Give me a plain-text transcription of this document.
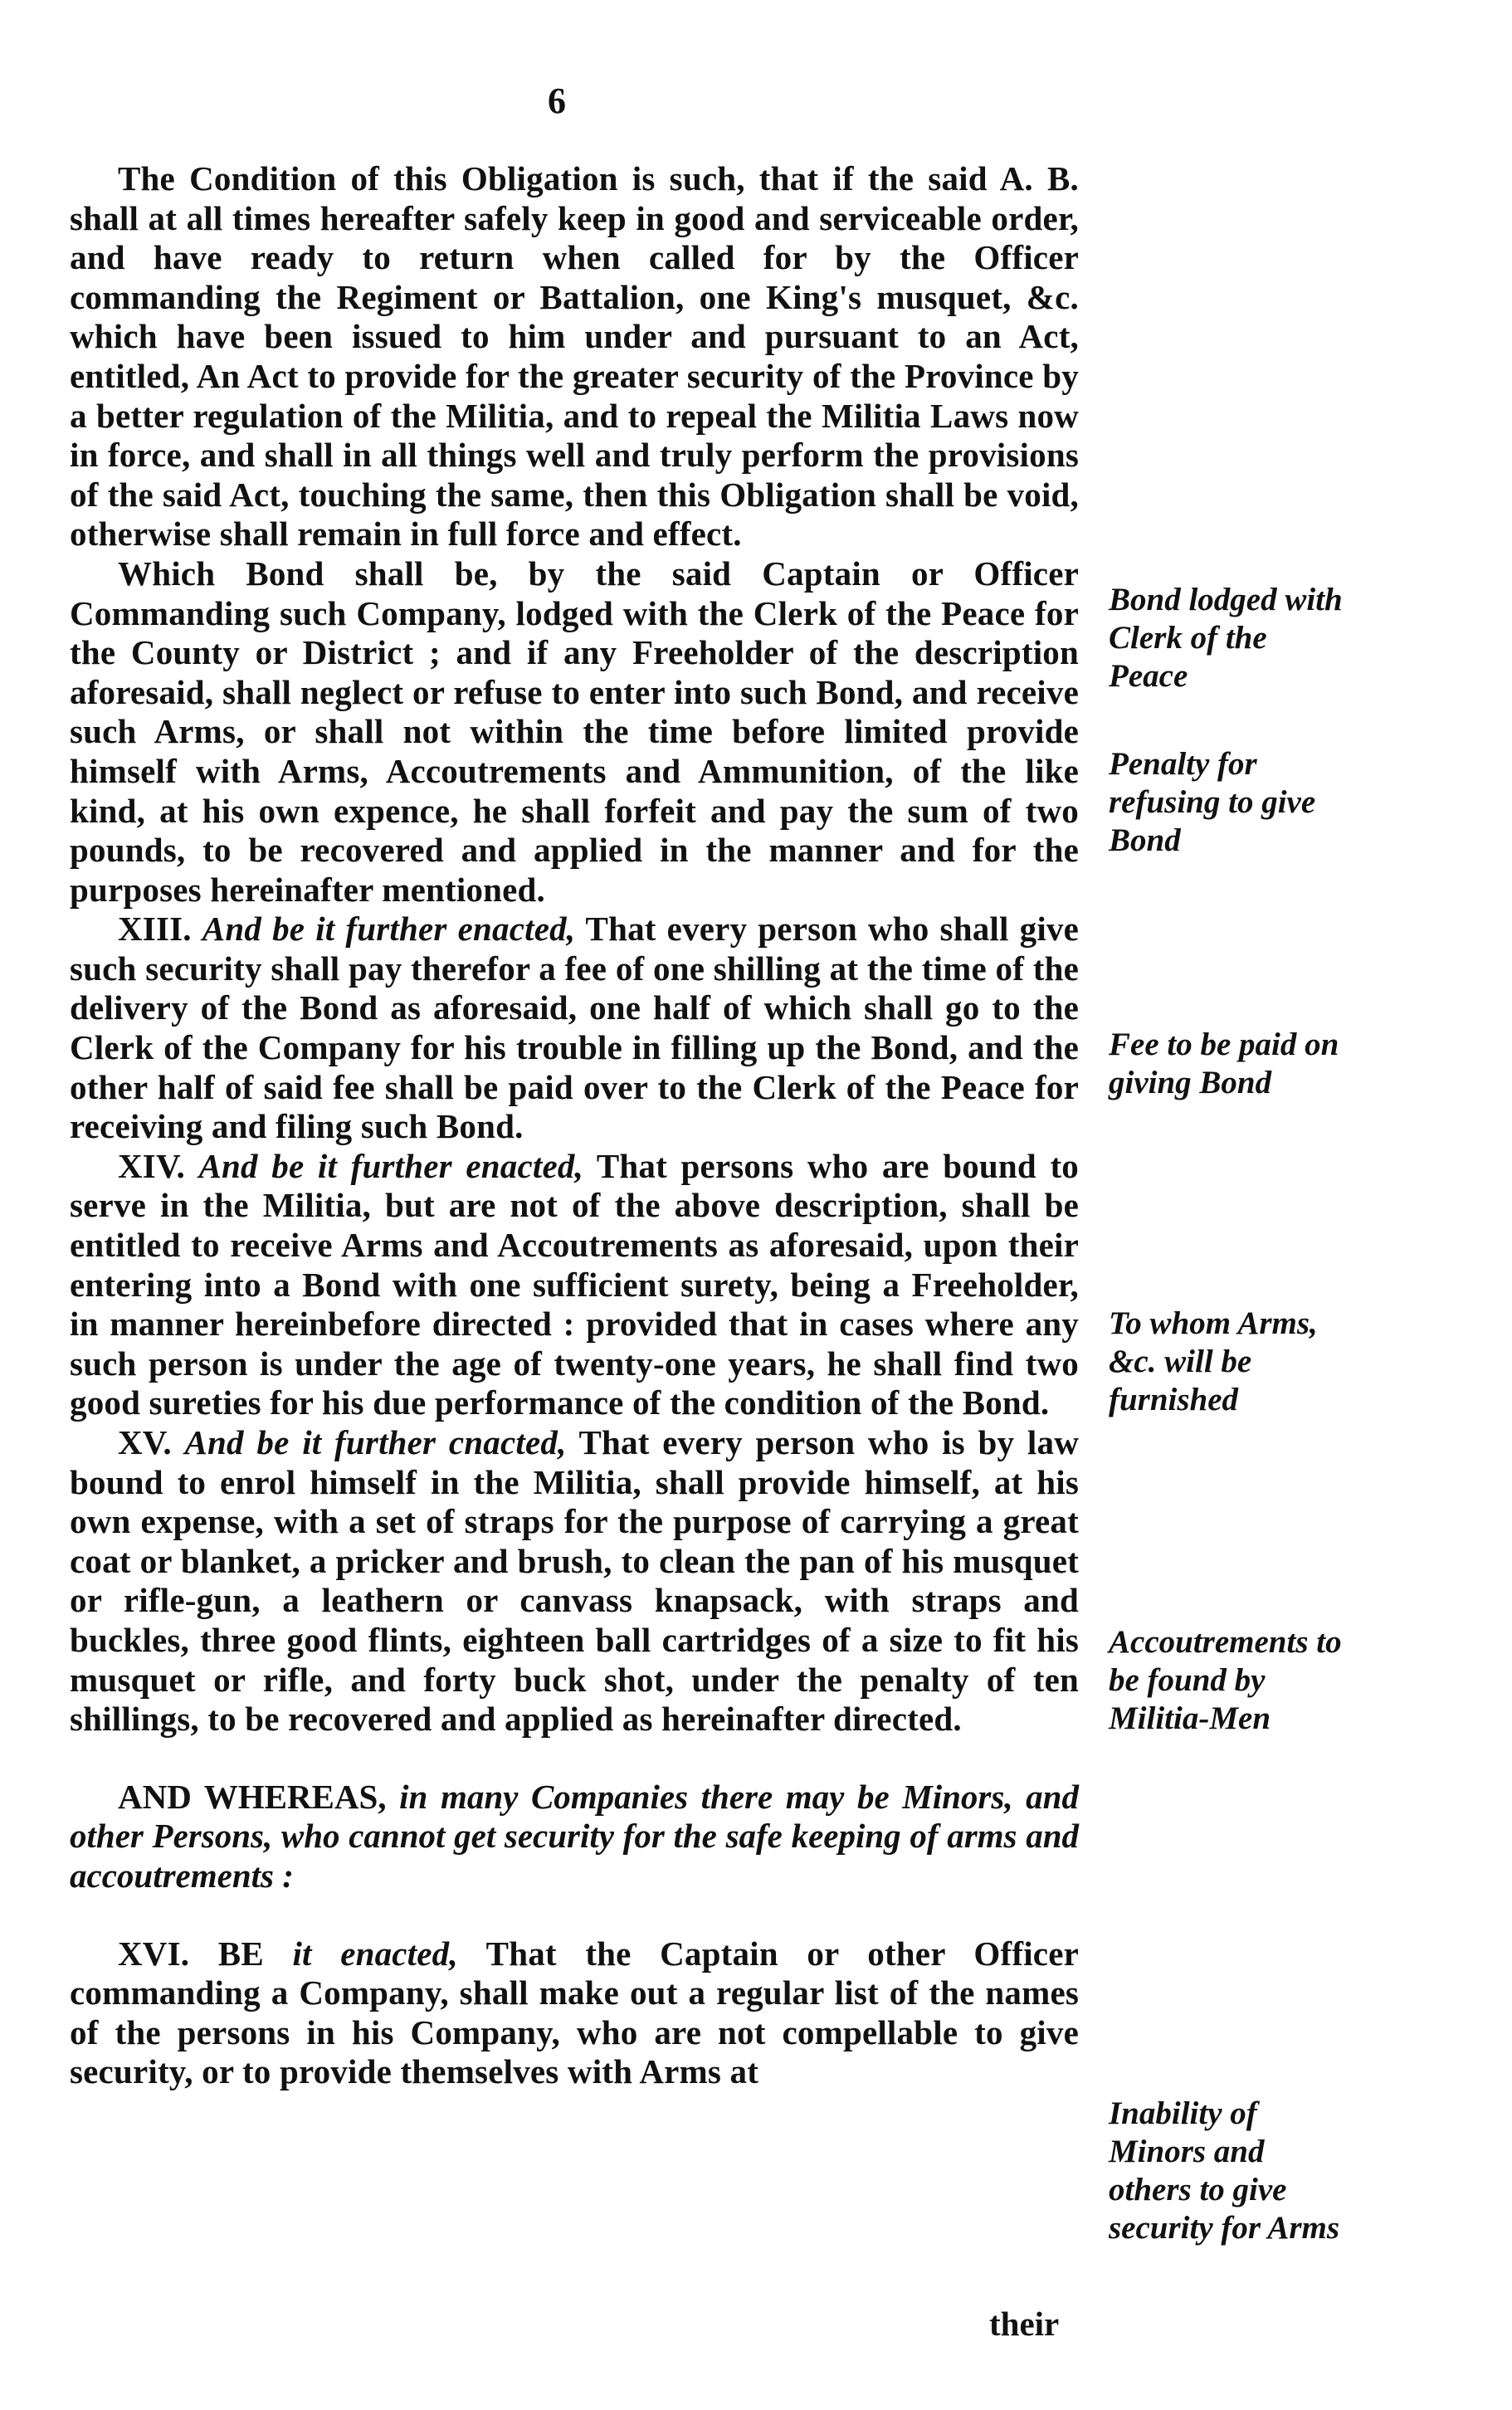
6

The Condition of this Obligation is such, that if the said A. B. shall at all times hereafter safely keep in good and serviceable order, and have ready to return when called for by the Officer commanding the Regiment or Battalion, one King's musquet, &c. which have been issued to him under and pursuant to an Act, entitled, An Act to provide for the greater security of the Province by a better regulation of the Militia, and to repeal the Militia Laws now in force, and shall in all things well and truly perform the provisions of the said Act, touching the same, then this Obligation shall be void, otherwise shall remain in full force and effect.

Which Bond shall be, by the said Captain or Officer Commanding such Company, lodged with the Clerk of the Peace for the County or District ; and if any Freeholder of the description aforesaid, shall neglect or refuse to enter into such Bond, and receive such Arms, or shall not within the time before limited provide himself with Arms, Accoutrements and Ammunition, of the like kind, at his own expence, he shall forfeit and pay the sum of two pounds, to be recovered and applied in the manner and for the purposes hereinafter mentioned.

XIII. And be it further enacted, That every person who shall give such security shall pay therefor a fee of one shilling at the time of the delivery of the Bond as aforesaid, one half of which shall go to the Clerk of the Company for his trouble in filling up the Bond, and the other half of said fee shall be paid over to the Clerk of the Peace for receiving and filing such Bond.

XIV. And be it further enacted, That persons who are bound to serve in the Militia, but are not of the above description, shall be entitled to receive Arms and Accoutrements as aforesaid, upon their entering into a Bond with one sufficient surety, being a Freeholder, in manner hereinbefore directed : provided that in cases where any such person is under the age of twenty-one years, he shall find two good sureties for his due performance of the condition of the Bond.

XV. And be it further cnacted, That every person who is by law bound to enrol himself in the Militia, shall provide himself, at his own expense, with a set of straps for the purpose of carrying a great coat or blanket, a pricker and brush, to clean the pan of his musquet or rifle-gun, a leathern or canvass knapsack, with straps and buckles, three good flints, eighteen ball cartridges of a size to fit his musquet or rifle, and forty buck shot, under the penalty of ten shillings, to be recovered and applied as hereinafter directed.

AND WHEREAS, in many Companies there may be Minors, and other Persons, who cannot get security for the safe keeping of arms and accoutrements :

XVI. BE it enacted, That the Captain or other Officer commanding a Company, shall make out a regular list of the names of the persons in his Company, who are not compellable to give security, or to provide themselves with Arms at

Bond lodged with Clerk of the Peace
Penalty for refusing to give Bond
Fee to be paid on giving Bond
To whom Arms, &c. will be furnished
Accoutrements to be found by Militia-Men
Inability of Minors and others to give security for Arms
their
